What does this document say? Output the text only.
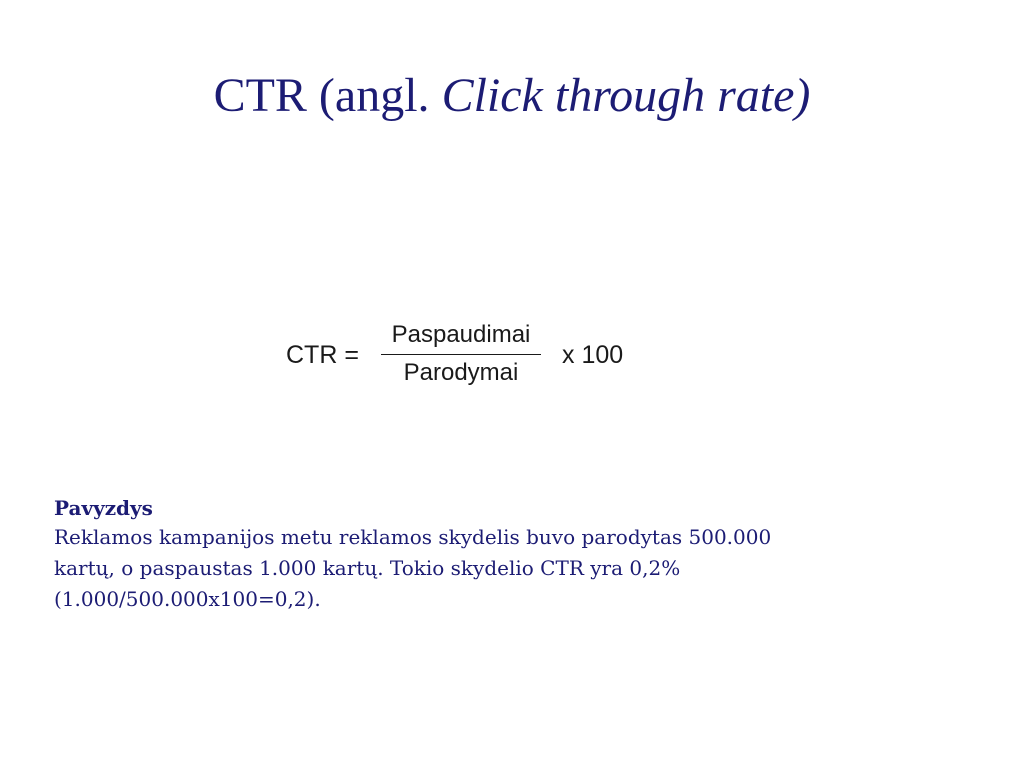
CTR (angl. Click through rate)
CTR =
Paspaudimai
Parodymai
x 100
Pavyzdys
Reklamos kampanijos metu reklamos skydelis buvo parodytas 500.000
kartų, o paspaustas 1.000 kartų. Tokio skydelio CTR yra 0,2%
(1.000/500.000x100=0,2).
